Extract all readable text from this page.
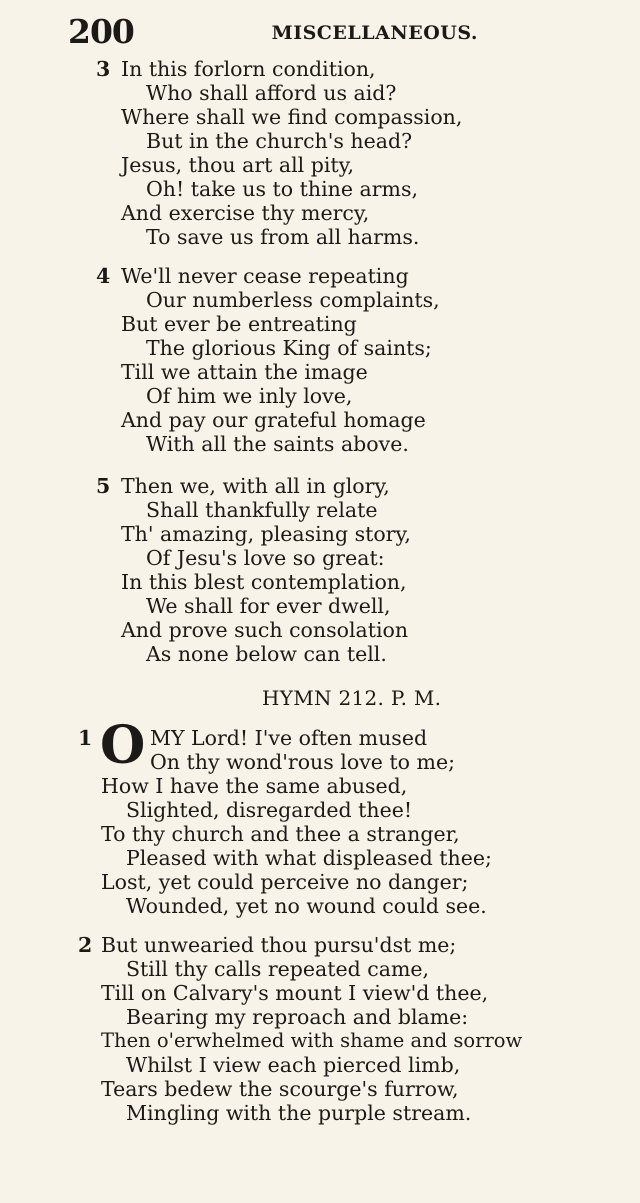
200	MISCELLANEOUS.
3 In this forlorn condition,
Who shall afford us aid?
Where shall we find compassion,
But in the church's head?
Jesus, thou art all pity,
Oh! take us to thine arms,
And exercise thy mercy,
To save us from all harms.
4 We'll never cease repeating
Our numberless complaints,
But ever be entreating
The glorious King of saints;
Till we attain the image
Of him we inly love,
And pay our grateful homage
With all the saints above.
5 Then we, with all in glory,
Shall thankfully relate
Th' amazing, pleasing story,
Of Jesu's love so great:
In this blest contemplation,
We shall for ever dwell,
And prove such consolation
As none below can tell.
HYMN 212. P. M.
1 O MY Lord! I've often mused
On thy wond'rous love to me;
How I have the same abused,
Slighted, disregarded thee!
To thy church and thee a stranger,
Pleased with what displeased thee;
Lost, yet could perceive no danger;
Wounded, yet no wound could see.
2 But unwearied thou pursu'dst me;
Still thy calls repeated came,
Till on Calvary's mount I view'd thee,
Bearing my reproach and blame:
Then o'erwhelmed with shame and sorrow
Whilst I view each pierced limb,
Tears bedew the scourge's furrow,
Mingling with the purple stream.
